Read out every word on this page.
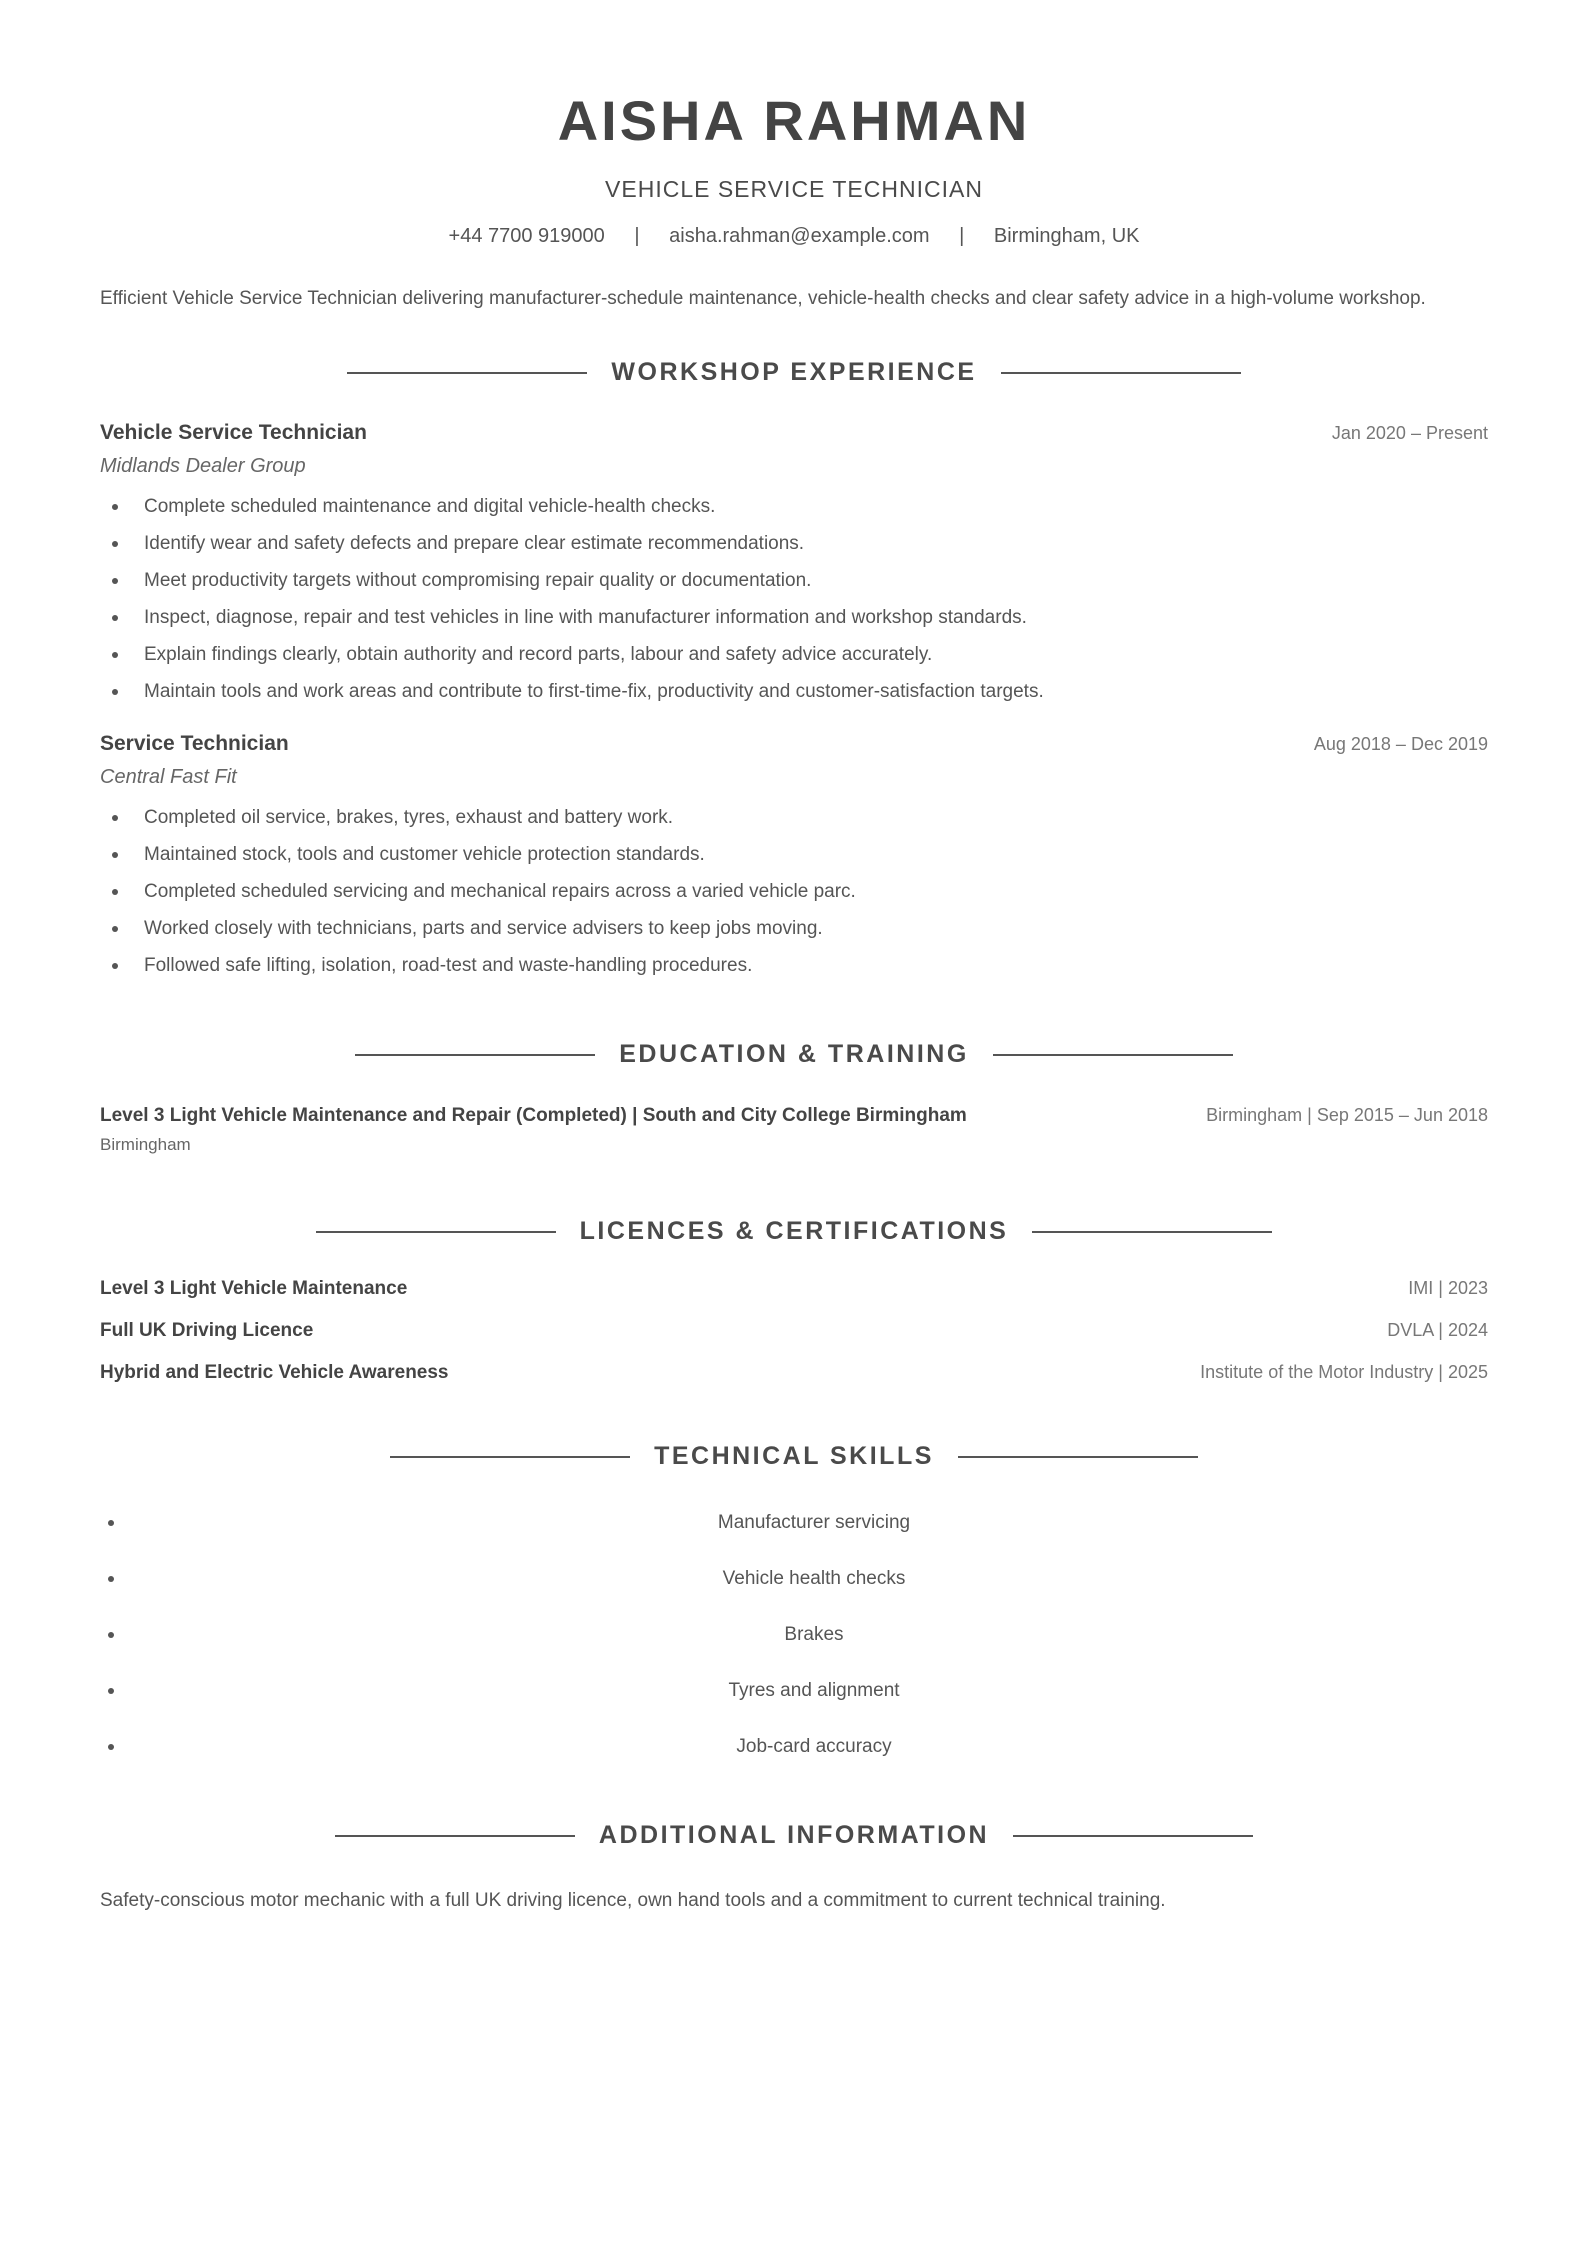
AISHA RAHMAN
VEHICLE SERVICE TECHNICIAN
+44 7700 919000 | aisha.rahman@example.com | Birmingham, UK
Efficient Vehicle Service Technician delivering manufacturer-schedule maintenance, vehicle-health checks and clear safety advice in a high-volume workshop.
WORKSHOP EXPERIENCE
Vehicle Service Technician	Jan 2020 – Present
Midlands Dealer Group
Complete scheduled maintenance and digital vehicle-health checks.
Identify wear and safety defects and prepare clear estimate recommendations.
Meet productivity targets without compromising repair quality or documentation.
Inspect, diagnose, repair and test vehicles in line with manufacturer information and workshop standards.
Explain findings clearly, obtain authority and record parts, labour and safety advice accurately.
Maintain tools and work areas and contribute to first-time-fix, productivity and customer-satisfaction targets.
Service Technician	Aug 2018 – Dec 2019
Central Fast Fit
Completed oil service, brakes, tyres, exhaust and battery work.
Maintained stock, tools and customer vehicle protection standards.
Completed scheduled servicing and mechanical repairs across a varied vehicle parc.
Worked closely with technicians, parts and service advisers to keep jobs moving.
Followed safe lifting, isolation, road-test and waste-handling procedures.
EDUCATION & TRAINING
Level 3 Light Vehicle Maintenance and Repair (Completed) | South and City College Birmingham	Birmingham | Sep 2015 – Jun 2018
Birmingham
LICENCES & CERTIFICATIONS
Level 3 Light Vehicle Maintenance	IMI | 2023
Full UK Driving Licence	DVLA | 2024
Hybrid and Electric Vehicle Awareness	Institute of the Motor Industry | 2025
TECHNICAL SKILLS
Manufacturer servicing
Vehicle health checks
Brakes
Tyres and alignment
Job-card accuracy
ADDITIONAL INFORMATION
Safety-conscious motor mechanic with a full UK driving licence, own hand tools and a commitment to current technical training.
